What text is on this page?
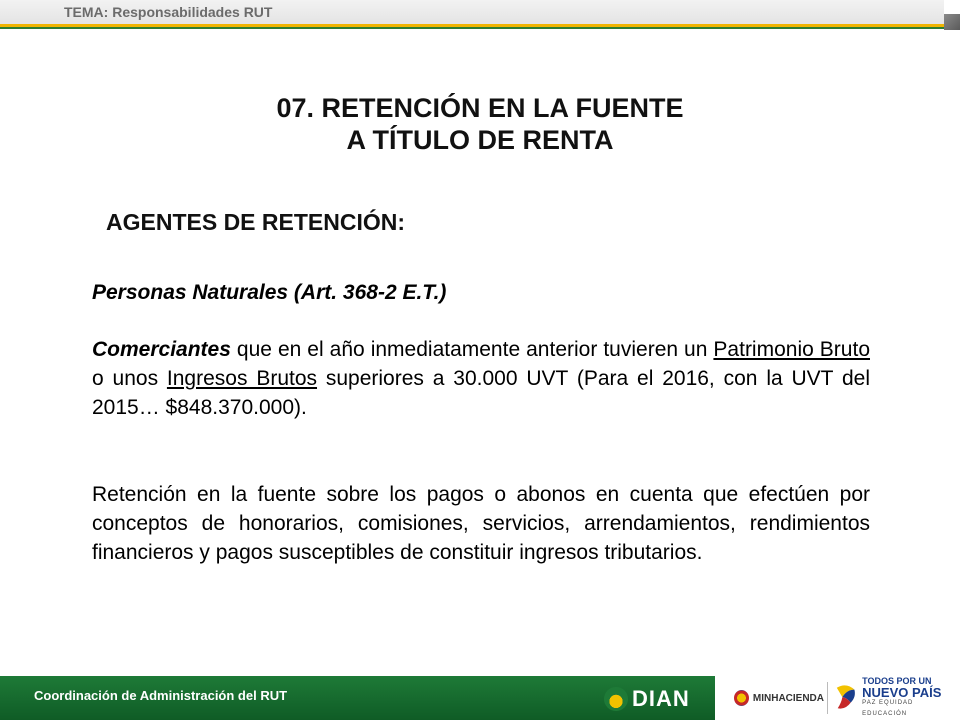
TEMA: Responsabilidades RUT
07. RETENCIÓN EN LA FUENTE
A TÍTULO DE RENTA
AGENTES DE RETENCIÓN:
Personas Naturales (Art. 368-2 E.T.)
Comerciantes que en el año inmediatamente anterior tuvieren un Patrimonio Bruto o unos Ingresos Brutos superiores a 30.000 UVT (Para el 2016, con la UVT del 2015… $848.370.000).
Retención en la fuente sobre los pagos o abonos en cuenta que efectúen por conceptos de honorarios, comisiones, servicios, arrendamientos, rendimientos financieros y pagos susceptibles de constituir ingresos tributarios.
Coordinación de Administración del RUT	DIAN	MINHACIENDA
TODOS POR UN
NUEVO PAÍS
PAZ EQUIDAD EDUCACIÓN
